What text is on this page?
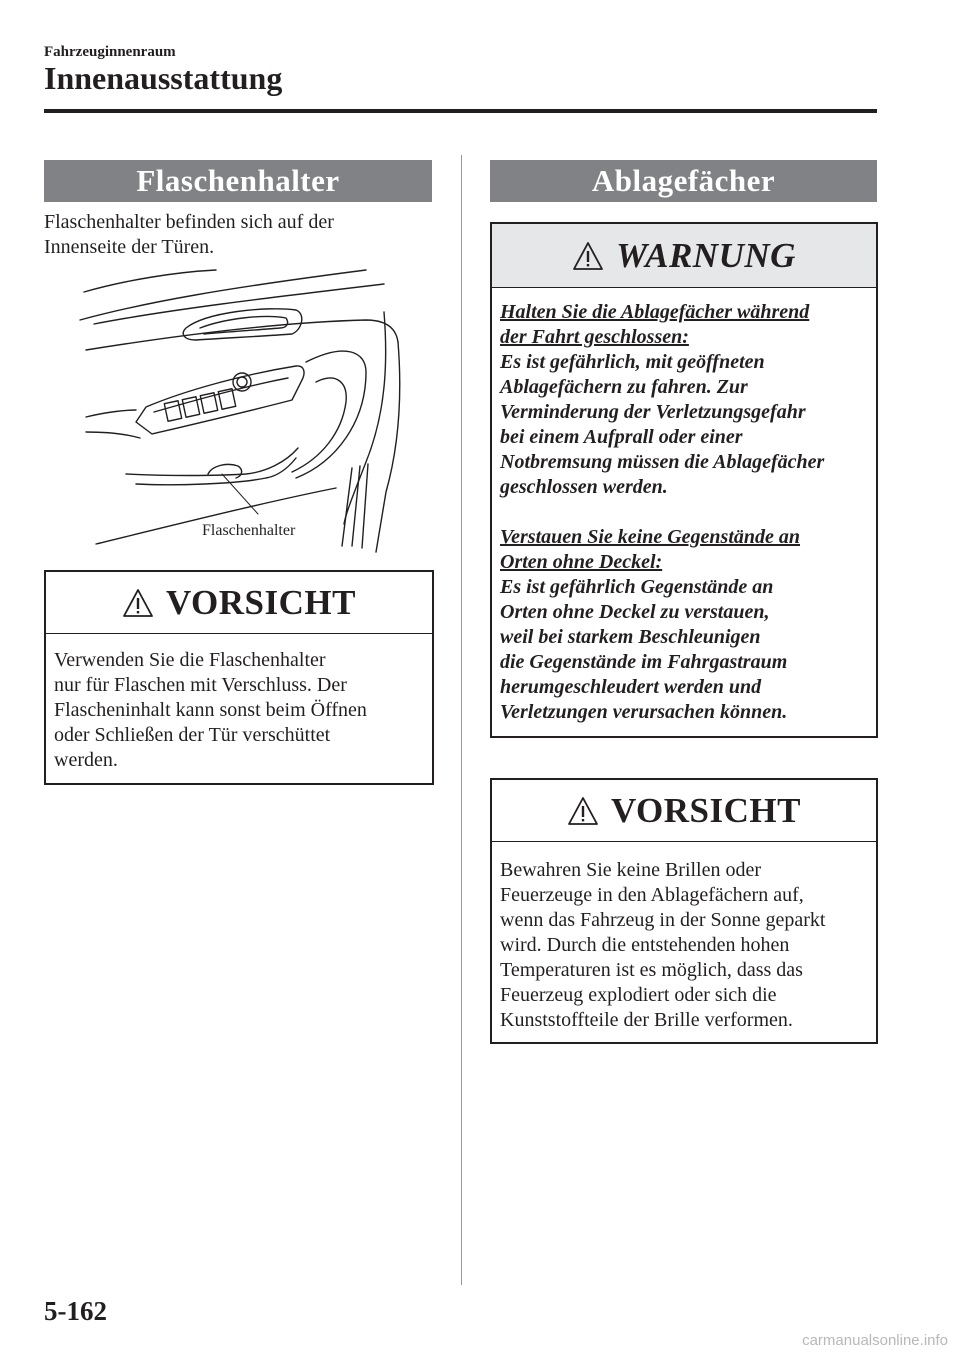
Fahrzeuginnenraum
Innenausstattung
Flaschenhalter
Flaschenhalter befinden sich auf der
Innenseite der Türen.
Flaschenhalter
VORSICHT
Verwenden Sie die Flaschenhalter
nur für Flaschen mit Verschluss. Der
Flascheninhalt kann sonst beim Öffnen
oder Schließen der Tür verschüttet
werden.
Ablagefächer
WARNUNG
Halten Sie die Ablagefächer während
der Fahrt geschlossen:
Es ist gefährlich, mit geöffneten
Ablagefächern zu fahren. Zur
Verminderung der Verletzungsgefahr
bei einem Aufprall oder einer
Notbremsung müssen die Ablagefächer
geschlossen werden.
Verstauen Sie keine Gegenstände an
Orten ohne Deckel:
Es ist gefährlich Gegenstände an
Orten ohne Deckel zu verstauen,
weil bei starkem Beschleunigen
die Gegenstände im Fahrgastraum
herumgeschleudert werden und
Verletzungen verursachen können.
VORSICHT
Bewahren Sie keine Brillen oder
Feuerzeuge in den Ablagefächern auf,
wenn das Fahrzeug in der Sonne geparkt
wird. Durch die entstehenden hohen
Temperaturen ist es möglich, dass das
Feuerzeug explodiert oder sich die
Kunststoffteile der Brille verformen.
5-162
carmanualsonline.info
